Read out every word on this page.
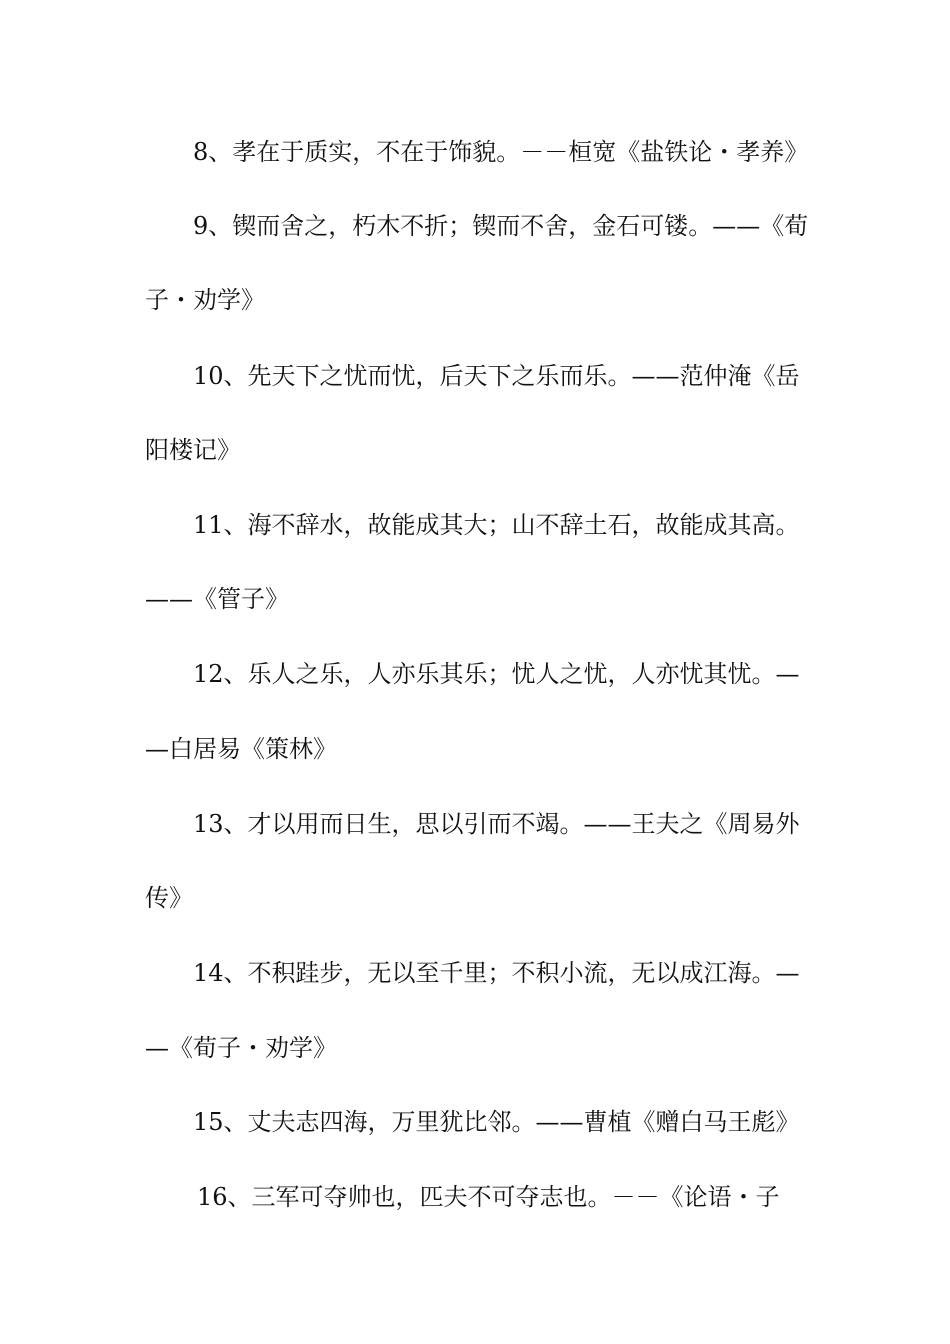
8、孝在于质实，不在于饰貌。－－桓宽《盐铁论・孝养》
9、锲而舍之，朽木不折；锲而不舍，金石可镂。——《荀
子・劝学》
10、先天下之忧而忧，后天下之乐而乐。——范仲淹《岳
阳楼记》
11、海不辞水，故能成其大；山不辞土石，故能成其高。
——《管子》
12、乐人之乐，人亦乐其乐；忧人之忧，人亦忧其忧。—
—白居易《策林》
13、才以用而日生，思以引而不竭。——王夫之《周易外
传》
14、不积跬步，无以至千里；不积小流，无以成江海。—
—《荀子・劝学》
15、丈夫志四海，万里犹比邻。——曹植《赠白马王彪》
16、三军可夺帅也，匹夫不可夺志也。－－《论语・子
